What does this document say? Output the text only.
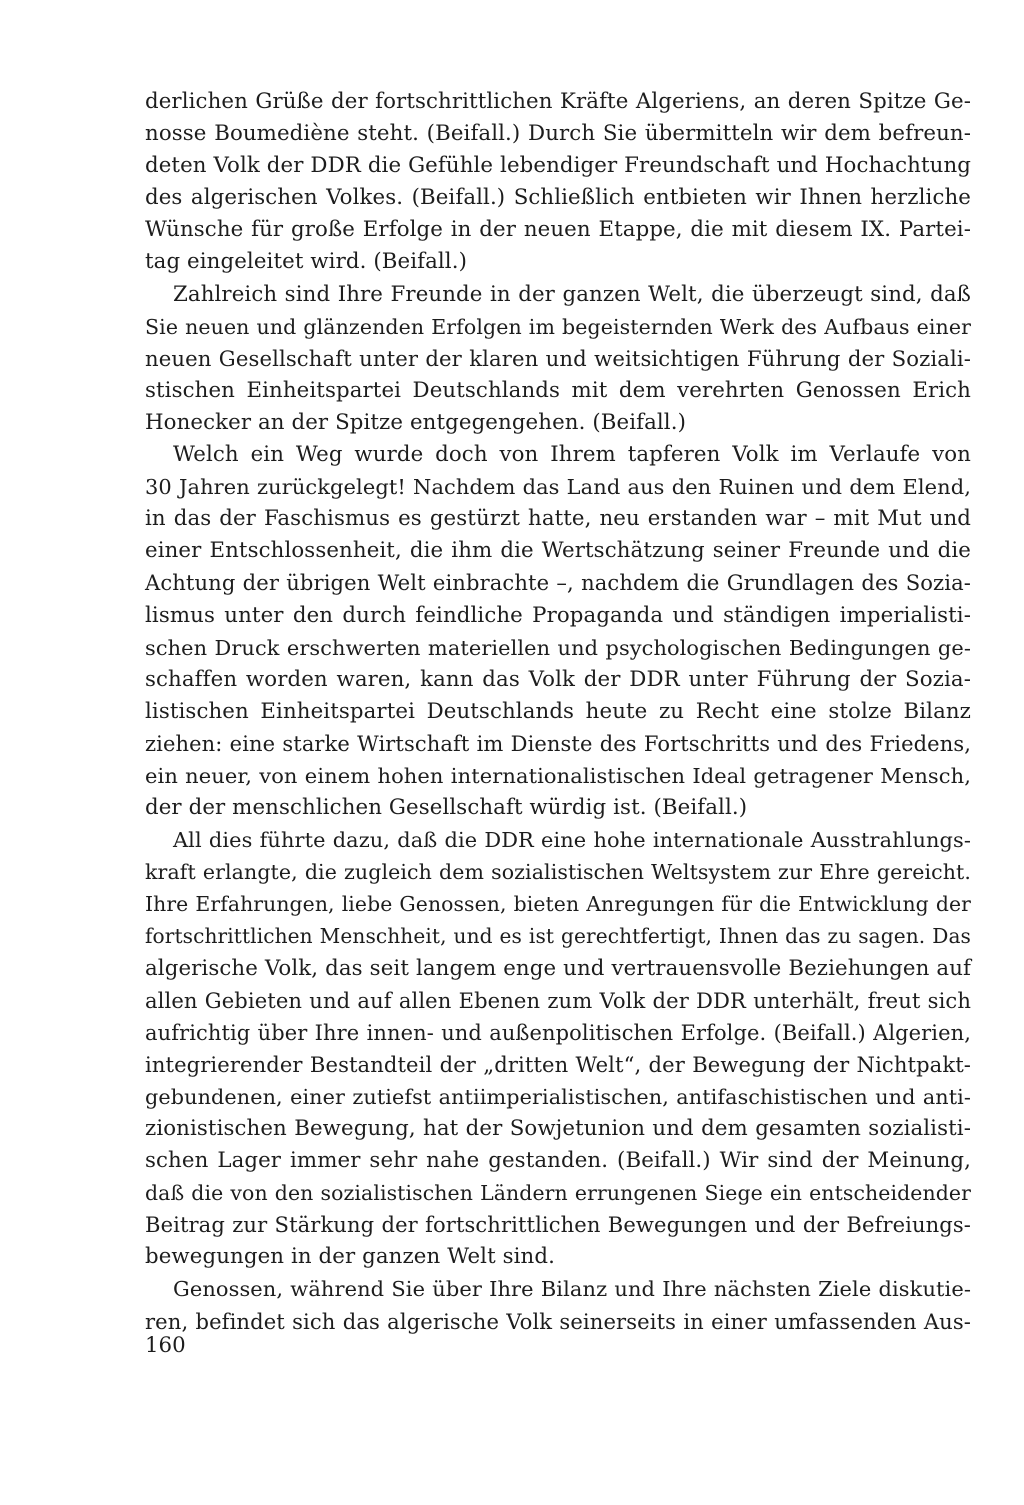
derlichen Grüße der fortschrittlichen Kräfte Algeriens, an deren Spitze Ge-
nosse Boumediène steht. (Beifall.) Durch Sie übermitteln wir dem befreun-
deten Volk der DDR die Gefühle lebendiger Freundschaft und Hochachtung
des algerischen Volkes. (Beifall.) Schließlich entbieten wir Ihnen herzliche
Wünsche für große Erfolge in der neuen Etappe, die mit diesem IX. Partei-
tag eingeleitet wird. (Beifall.)
Zahlreich sind Ihre Freunde in der ganzen Welt, die überzeugt sind, daß
Sie neuen und glänzenden Erfolgen im begeisternden Werk des Aufbaus einer
neuen Gesellschaft unter der klaren und weitsichtigen Führung der Soziali-
stischen Einheitspartei Deutschlands mit dem verehrten Genossen Erich
Honecker an der Spitze entgegengehen. (Beifall.)
Welch ein Weg wurde doch von Ihrem tapferen Volk im Verlaufe von
30 Jahren zurückgelegt! Nachdem das Land aus den Ruinen und dem Elend,
in das der Faschismus es gestürzt hatte, neu erstanden war – mit Mut und
einer Entschlossenheit, die ihm die Wertschätzung seiner Freunde und die
Achtung der übrigen Welt einbrachte –, nachdem die Grundlagen des Sozia-
lismus unter den durch feindliche Propaganda und ständigen imperialisti-
schen Druck erschwerten materiellen und psychologischen Bedingungen ge-
schaffen worden waren, kann das Volk der DDR unter Führung der Sozia-
listischen Einheitspartei Deutschlands heute zu Recht eine stolze Bilanz
ziehen: eine starke Wirtschaft im Dienste des Fortschritts und des Friedens,
ein neuer, von einem hohen internationalistischen Ideal getragener Mensch,
der der menschlichen Gesellschaft würdig ist. (Beifall.)
All dies führte dazu, daß die DDR eine hohe internationale Ausstrahlungs-
kraft erlangte, die zugleich dem sozialistischen Weltsystem zur Ehre gereicht.
Ihre Erfahrungen, liebe Genossen, bieten Anregungen für die Entwicklung der
fortschrittlichen Menschheit, und es ist gerechtfertigt, Ihnen das zu sagen. Das
algerische Volk, das seit langem enge und vertrauensvolle Beziehungen auf
allen Gebieten und auf allen Ebenen zum Volk der DDR unterhält, freut sich
aufrichtig über Ihre innen- und außenpolitischen Erfolge. (Beifall.) Algerien,
integrierender Bestandteil der „dritten Welt“, der Bewegung der Nichtpakt-
gebundenen, einer zutiefst antiimperialistischen, antifaschistischen und anti-
zionistischen Bewegung, hat der Sowjetunion und dem gesamten sozialisti-
schen Lager immer sehr nahe gestanden. (Beifall.) Wir sind der Meinung,
daß die von den sozialistischen Ländern errungenen Siege ein entscheidender
Beitrag zur Stärkung der fortschrittlichen Bewegungen und der Befreiungs-
bewegungen in der ganzen Welt sind.
Genossen, während Sie über Ihre Bilanz und Ihre nächsten Ziele diskutie-
ren, befindet sich das algerische Volk seinerseits in einer umfassenden Aus-
160
